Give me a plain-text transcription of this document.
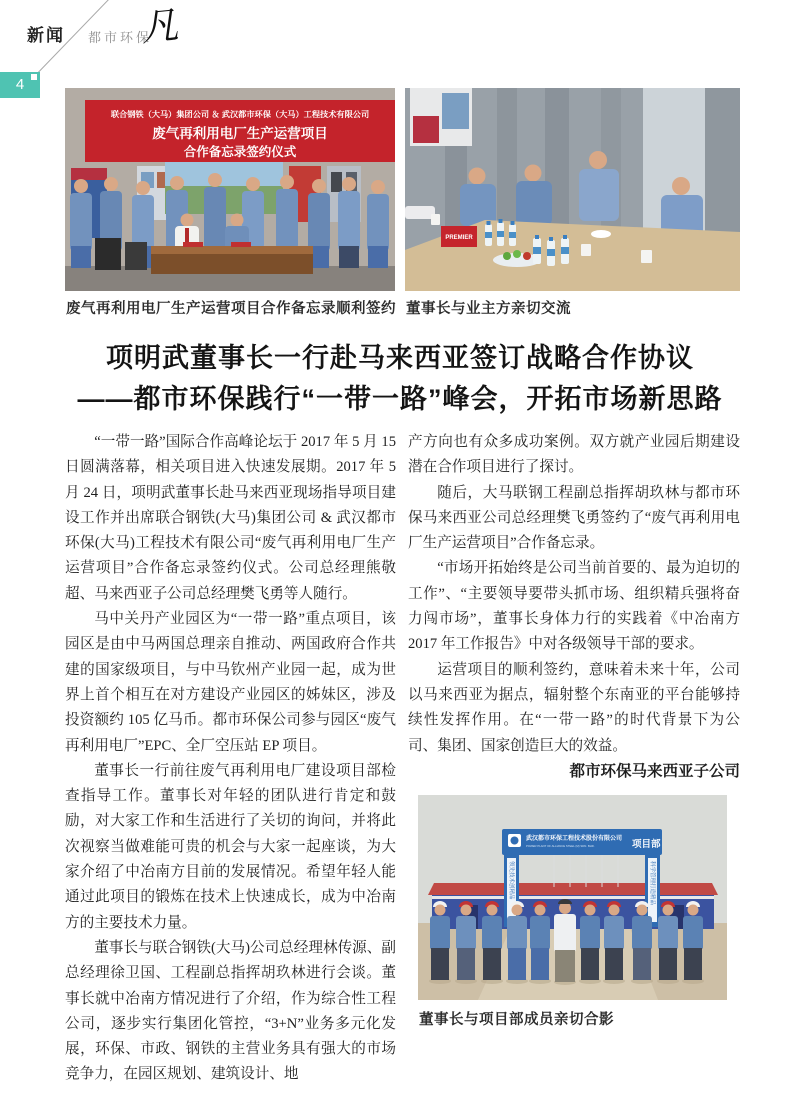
新闻 都市环保
凡
4
联合钢铁（大马）集团公司 ＆ 武汉都市环保（大马）工程技术有限公司
废气再利用电厂生产运营项目
合作备忘录签约仪式
废气再利用电厂生产运营项目合作备忘录顺利签约
PREMIER
董事长与业主方亲切交流
项明武董事长一行赴马来西亚签订战略合作协议
——都市环保践行“一带一路”峰会，开拓市场新思路

“一带一路”国际合作高峰论坛于 2017 年 5 月 15 日圆满落幕，相关项目进入快速发展期。2017 年 5 月 24 日，项明武董事长赴马来西亚现场指导项目建设工作并出席联合钢铁(大马)集团公司 & 武汉都市环保(大马)工程技术有限公司“废气再利用电厂生产运营项目”合作备忘录签约仪式。公司总经理熊敬超、马来西亚子公司总经理樊飞勇等人随行。

马中关丹产业园区为“一带一路”重点项目，该园区是由中马两国总理亲自推动、两国政府合作共建的国家级项目，与中马钦州产业园一起，成为世界上首个相互在对方建设产业园区的姊妹区，涉及投资额约 105 亿马币。都市环保公司参与园区“废气再利用电厂”EPC、全厂空压站 EP 项目。

董事长一行前往废气再利用电厂建设项目部检查指导工作。董事长对年轻的团队进行肯定和鼓励，对大家工作和生活进行了关切的询问，并将此次视察当做难能可贵的机会与大家一起座谈，为大家介绍了中冶南方目前的发展情况。希望年轻人能通过此项目的锻炼在技术上快速成长，成为中冶南方的主要技术力量。

董事长与联合钢铁(大马)公司总经理林传源、副总经理徐卫国、工程副总指挥胡玖林进行会谈。董事长就中冶南方情况进行了介绍，作为综合性工程公司，逐步实行集团化管控，“3+N”业务多元化发展，环保、市政、钢铁的主营业务具有强大的市场竞争力，在园区规划、建筑设计、地

产方向也有众多成功案例。双方就产业园后期建设潜在合作项目进行了探讨。

随后，大马联钢工程副总指挥胡玖林与都市环保马来西亚公司总经理樊飞勇签约了“废气再利用电厂生产运营项目”合作备忘录。

“市场开拓始终是公司当前首要的、最为迫切的工作”、“主要领导要带头抓市场、组织精兵强将奋力闯市场”，董事长身体力行的实践着《中冶南方 2017 年工作报告》中对各级领导干部的要求。

运营项目的顺利签约，意味着未来十年，公司以马来西亚为据点，辐射整个东南亚的平台能够持续性发挥作用。在“一带一路”的时代背景下为公司、集团、国家创造巨大的效益。

都市环保马来西亚子公司

领先技术创精品	科学管理打造精品
武汉都市环保工程技术股份有限公司
POWER PLANT OF ALLIANCE STEEL (M) SDN. BHD.	项目部
董事长与项目部成员亲切合影
